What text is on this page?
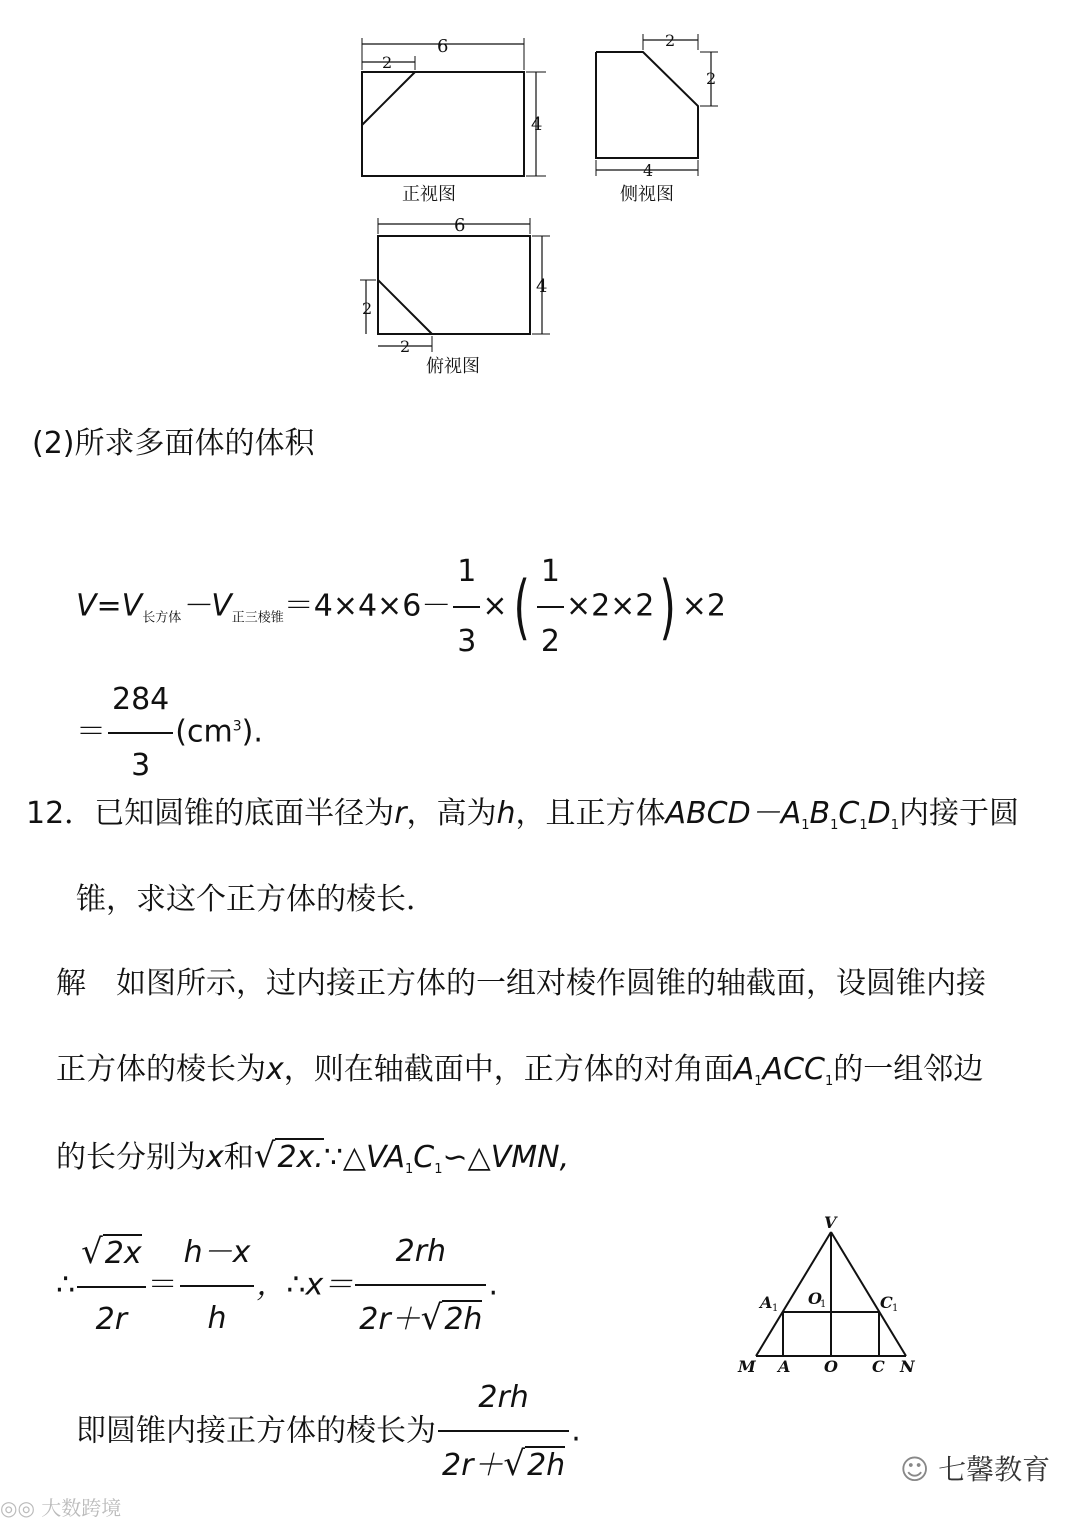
6
2
4
正视图
2
2
4
侧视图
6
4
2
2
俯视图
(2)所求多面体的体积
$V=V_{长方体}-V_{正三棱锥}=4\times 4\times 6- \frac{1}{3}$ ×( $\frac{1}{2} \times 2\times 2) \times 2$
＝ $\frac{284}{3} (cm^3)$.
12．已知圆锥的底面半径为r，高为h，且正方体$ABCD-A_1B_1C_1D_1$内接于圆
锥，求这个正方体的棱长．
解　如图所示，过内接正方体的一组对棱作圆锥的轴截面，设圆锥内接
正方体的棱长为x，则在轴截面中，正方体的对角面$A_1ACC_1$的一组邻边
的长分别为x和$√2x.\because\triangle VA_1C_1∽\triangle VMN$,
∴ $\frac{√2x}{2r} = \frac{h-x}{h}$ ，∴x＝ $\frac{2rh}{2r+√2h}$ .
即圆锥内接正方体的棱长为 $\frac{2rh}{2r+√2h}$ .
V
A 1
O
1	C 1
M A O C N
◎◎ 大数跨境
☺ 七馨教育
